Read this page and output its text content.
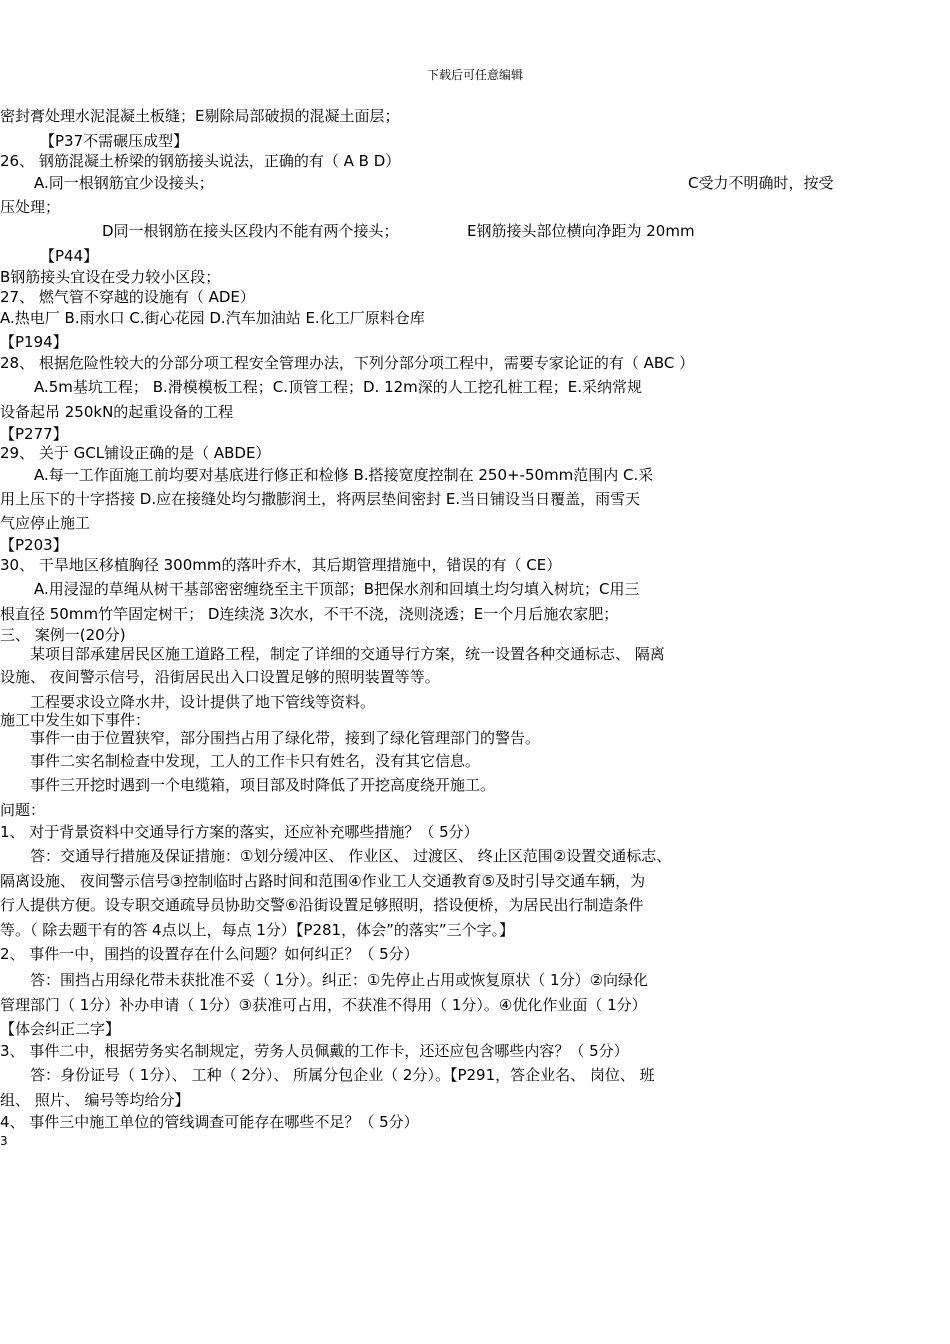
下载后可任意编辑
密封膏处理水泥混凝土板缝；E剔除局部破损的混凝土面层；
【P37不需碾压成型】
26、 钢筋混凝土桥梁的钢筋接头说法，正确的有（ A B D）
A.同一根钢筋宜少设接头；	C受力不明确时，按受
压处理；
D同一根钢筋在接头区段内不能有两个接头；	E钢筋接头部位横向净距为 20mm
【P44】
B钢筋接头宜设在受力较小区段；
27、 燃气管不穿越的设施有（ ADE）
A.热电厂 B.雨水口 C.街心花园 D.汽车加油站 E.化工厂原料仓库
【P194】
28、 根据危险性较大的分部分项工程安全管理办法，下列分部分项工程中，需要专家论证的有（ ABC ）
A.5m基坑工程； B.滑模模板工程；C.顶管工程；D. 12m深的人工挖孔桩工程；E.采纳常规
设备起吊 250kN的起重设备的工程
【P277】
29、 关于 GCL铺设正确的是（ ABDE）
A.每一工作面施工前均要对基底进行修正和检修 B.搭接宽度控制在 250+-50mm范围内 C.采
用上压下的十字搭接 D.应在接缝处均匀撒膨润土，将两层垫间密封 E.当日铺设当日覆盖，雨雪天
气应停止施工
【P203】
30、 干旱地区移植胸径 300mm的落叶乔木，其后期管理措施中，错误的有（ CE）
A.用浸湿的草绳从树干基部密密缠绕至主干顶部；B把保水剂和回填土均匀填入树坑；C用三
根直径 50mm竹竿固定树干； D连续浇 3次水，不干不浇，浇则浇透；E一个月后施农家肥；
三、 案例一(20分)
某项目部承建居民区施工道路工程，制定了详细的交通导行方案，统一设置各种交通标志、 隔离
设施、 夜间警示信号，沿街居民出入口设置足够的照明装置等等。
工程要求设立降水井，设计提供了地下管线等资料。
施工中发生如下事件：
事件一由于位置狭窄，部分围挡占用了绿化带，接到了绿化管理部门的警告。
事件二实名制检查中发现，工人的工作卡只有姓名，没有其它信息。
事件三开挖时遇到一个电缆箱，项目部及时降低了开挖高度绕开施工。
问题：
1、 对于背景资料中交通导行方案的落实，还应补充哪些措施？（ 5分）
答：交通导行措施及保证措施：①划分缓冲区、 作业区、 过渡区、 终止区范围②设置交通标志、
隔离设施、 夜间警示信号③控制临时占路时间和范围④作业工人交通教育⑤及时引导交通车辆，为
行人提供方便。设专职交通疏导员协助交警⑥沿街设置足够照明，搭设便桥，为居民出行制造条件
等。（ 除去题干有的答 4点以上，每点 1分）【P281，体会”的落实”三个字。】
2、 事件一中，围挡的设置存在什么问题？如何纠正？（ 5分）
答：围挡占用绿化带未获批准不妥（ 1分）。纠正：①先停止占用或恢复原状（ 1分）②向绿化
管理部门（ 1分）补办申请（ 1分）③获准可占用，不获准不得用（ 1分）。④优化作业面（ 1分）
【体会纠正二字】
3、 事件二中，根据劳务实名制规定，劳务人员佩戴的工作卡，还还应包含哪些内容？（ 5分）
答：身份证号（ 1分）、 工种（ 2分）、 所属分包企业（ 2分）。【P291，答企业名、 岗位、 班
组、 照片、 编号等均给分】
4、 事件三中施工单位的管线调查可能存在哪些不足？（ 5分）
3
